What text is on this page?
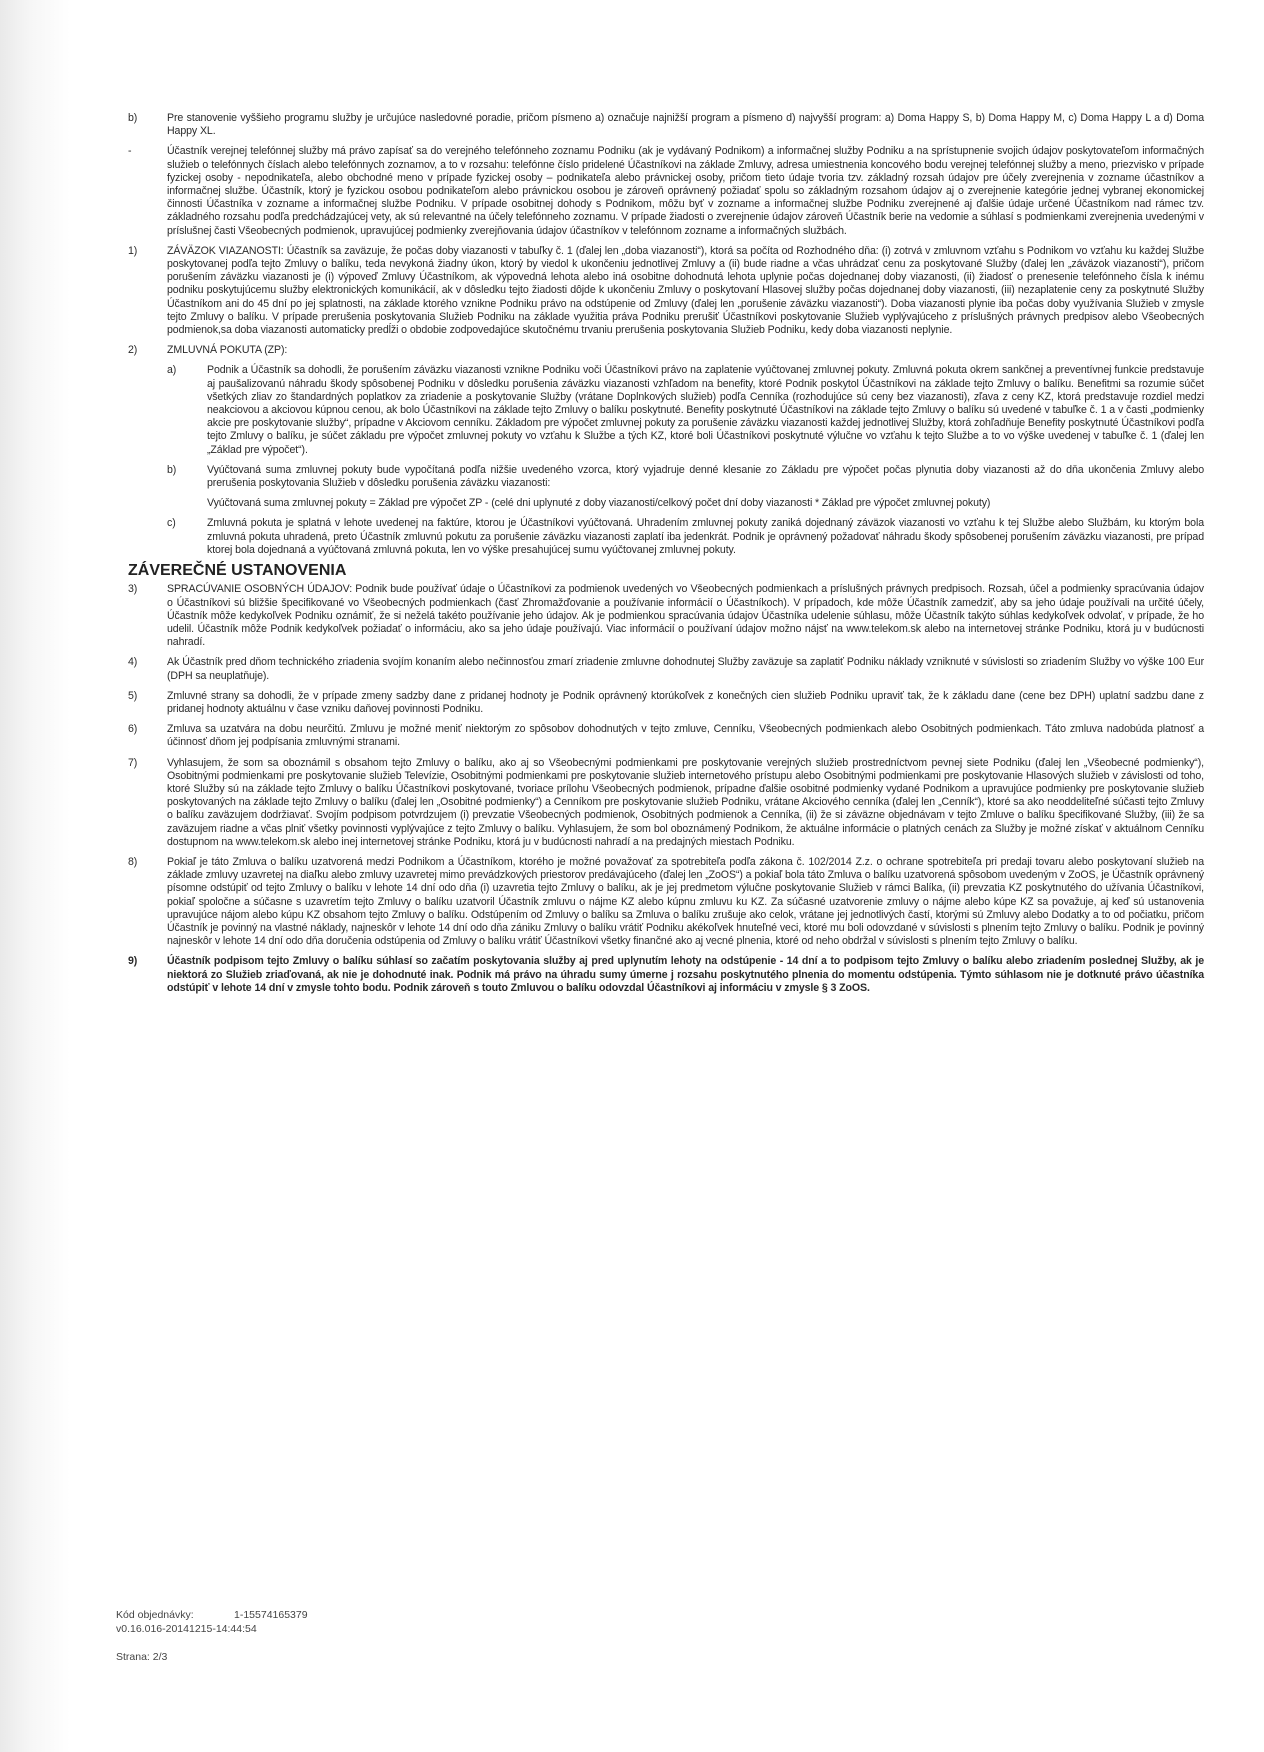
b)	Pre stanovenie vyššieho programu služby je určujúce nasledovné poradie, pričom písmeno a) označuje najnižší program a písmeno d) najvyšší program: a) Doma Happy S, b) Doma Happy M, c) Doma Happy L a d) Doma Happy XL.
-	Účastník verejnej telefónnej služby má právo zapísať sa do verejného telefónneho zoznamu Podniku (ak je vydávaný Podnikom) a informačnej služby Podniku a na sprístupnenie svojich údajov poskytovateľom informačných služieb o telefónnych číslach alebo telefónnych zoznamov, a to v rozsahu: telefónne číslo pridelené Účastníkovi na základe Zmluvy, adresa umiestnenia koncového bodu verejnej telefónnej služby a meno, priezvisko v prípade fyzickej osoby - nepodnikateľa, alebo obchodné meno v prípade fyzickej osoby – podnikateľa alebo právnickej osoby, pričom tieto údaje tvoria tzv. základný rozsah údajov pre účely zverejnenia v zozname účastníkov a informačnej službe. Účastník, ktorý je fyzickou osobou podnikateľom alebo právnickou osobou je zároveň oprávnený požiadať spolu so základným rozsahom údajov aj o zverejnenie kategórie jednej vybranej ekonomickej činnosti Účastníka v zozname a informačnej službe Podniku. V prípade osobitnej dohody s Podnikom, môžu byť v zozname a informačnej službe Podniku zverejnené aj ďalšie údaje určené Účastníkom nad rámec tzv. základného rozsahu podľa predchádzajúcej vety, ak sú relevantné na účely telefónneho zoznamu. V prípade žiadosti o zverejnenie údajov zároveň Účastník berie na vedomie a súhlasí s podmienkami zverejnenia uvedenými v príslušnej časti Všeobecných podmienok, upravujúcej podmienky zverejňovania údajov účastníkov v telefónnom zozname a informačných službách.
1)	ZÁVÄZOK VIAZANOSTI: Účastník sa zaväzuje, že počas doby viazanosti v tabuľky č. 1 (ďalej len „doba viazanosti“), ktorá sa počíta od Rozhodného dňa: (i) zotrvá v zmluvnom vzťahu s Podnikom vo vzťahu ku každej Službe poskytovanej podľa tejto Zmluvy o balíku, teda nevykoná žiadny úkon, ktorý by viedol k ukončeniu jednotlivej Zmluvy a (ii) bude riadne a včas uhrádzať cenu za poskytované Služby (ďalej len „záväzok viazanosti“), pričom porušením záväzku viazanosti je (i) výpoveď Zmluvy Účastníkom, ak výpovedná lehota alebo iná osobitne dohodnutá lehota uplynie počas dojednanej doby viazanosti, (ii) žiadosť o prenesenie telefónneho čísla k inému podniku poskytujúcemu služby elektronických komunikácií, ak v dôsledku tejto žiadosti dôjde k ukončeniu Zmluvy o poskytovaní Hlasovej služby počas dojednanej doby viazanosti, (iii) nezaplatenie ceny za poskytnuté Služby Účastníkom ani do 45 dní po jej splatnosti, na základe ktorého vznikne Podniku právo na odstúpenie od Zmluvy (ďalej len „porušenie záväzku viazanosti“). Doba viazanosti plynie iba počas doby využívania Služieb v zmysle tejto Zmluvy o balíku. V prípade prerušenia poskytovania Služieb Podniku na základe využitia práva Podniku prerušiť Účastníkovi poskytovanie Služieb vyplývajúceho z príslušných právnych predpisov alebo Všeobecných podmienok,sa doba viazanosti automaticky predĺži o obdobie zodpovedajúce skutočnému trvaniu prerušenia poskytovania Služieb Podniku, kedy doba viazanosti neplynie.
2)	ZMLUVNÁ POKUTA (ZP):
a)	Podnik a Účastník sa dohodli, že porušením záväzku viazanosti vznikne Podniku voči Účastníkovi právo na zaplatenie vyúčtovanej zmluvnej pokuty. Zmluvná pokuta okrem sankčnej a preventívnej funkcie predstavuje aj paušalizovanú náhradu škody spôsobenej Podniku v dôsledku porušenia záväzku viazanosti vzhľadom na benefity, ktoré Podnik poskytol Účastníkovi na základe tejto Zmluvy o balíku. Benefitmi sa rozumie súčet všetkých zliav zo štandardných poplatkov za zriadenie a poskytovanie Služby (vrátane Doplnkových služieb) podľa Cenníka (rozhodujúce sú ceny bez viazanosti), zľava z ceny KZ, ktorá predstavuje rozdiel medzi neakciovou a akciovou kúpnou cenou, ak bolo Účastníkovi na základe tejto Zmluvy o balíku poskytnuté. Benefity poskytnuté Účastníkovi na základe tejto Zmluvy o balíku sú uvedené v tabuľke č. 1 a v časti „podmienky akcie pre poskytovanie služby“, prípadne v Akciovom cenníku. Základom pre výpočet zmluvnej pokuty za porušenie záväzku viazanosti každej jednotlivej Služby, ktorá zohľadňuje Benefity poskytnuté Účastníkovi podľa tejto Zmluvy o balíku, je súčet základu pre výpočet zmluvnej pokuty vo vzťahu k Službe a tých KZ, ktoré boli Účastníkovi poskytnuté výlučne vo vzťahu k tejto Službe a to vo výške uvedenej v tabuľke č. 1 (ďalej len „Základ pre výpočet“).
b)	Vyúčtovaná suma zmluvnej pokuty bude vypočítaná podľa nižšie uvedeného vzorca, ktorý vyjadruje denné klesanie zo Základu pre výpočet počas plynutia doby viazanosti až do dňa ukončenia Zmluvy alebo prerušenia poskytovania Služieb v dôsledku porušenia záväzku viazanosti:
Vyúčtovaná suma zmluvnej pokuty = Základ pre výpočet ZP - (celé dni uplynuté z doby viazanosti/celkový počet dní doby viazanosti * Základ pre výpočet zmluvnej pokuty)
c)	Zmluvná pokuta je splatná v lehote uvedenej na faktúre, ktorou je Účastníkovi vyúčtovaná. Uhradením zmluvnej pokuty zaniká dojednaný záväzok viazanosti vo vzťahu k tej Službe alebo Službám, ku ktorým bola zmluvná pokuta uhradená, preto Účastník zmluvnú pokutu za porušenie záväzku viazanosti zaplatí iba jedenkrát. Podnik je oprávnený požadovať náhradu škody spôsobenej porušením záväzku viazanosti, pre prípad ktorej bola dojednaná a vyúčtovaná zmluvná pokuta, len vo výške presahujúcej sumu vyúčtovanej zmluvnej pokuty.
ZÁVEREČNÉ USTANOVENIA
3)	SPRACÚVANIE OSOBNÝCH ÚDAJOV: Podnik bude používať údaje o Účastníkovi za podmienok uvedených vo Všeobecných podmienkach a príslušných právnych predpisoch. Rozsah, účel a podmienky spracúvania údajov o Účastníkovi sú bližšie špecifikované vo Všeobecných podmienkach (časť Zhromažďovanie a používanie informácií o Účastníkoch). V prípadoch, kde môže Účastník zamedziť, aby sa jeho údaje používali na určité účely, Účastník môže kedykoľvek Podniku oznámiť, že si neželá takéto používanie jeho údajov. Ak je podmienkou spracúvania údajov Účastníka udelenie súhlasu, môže Účastník takýto súhlas kedykoľvek odvolať, v prípade, že ho udelil. Účastník môže Podnik kedykoľvek požiadať o informáciu, ako sa jeho údaje používajú. Viac informácií o používaní údajov možno nájsť na www.telekom.sk alebo na internetovej stránke Podniku, ktorá ju v budúcnosti nahradí.
4)	Ak Účastník pred dňom technického zriadenia svojím konaním alebo nečinnosťou zmarí zriadenie zmluvne dohodnutej Služby zaväzuje sa zaplatiť Podniku náklady vzniknuté v súvislosti so zriadením Služby vo výške 100 Eur (DPH sa neuplatňuje).
5)	Zmluvné strany sa dohodli, že v prípade zmeny sadzby dane z pridanej hodnoty je Podnik oprávnený ktorúkoľvek z konečných cien služieb Podniku upraviť tak, že k základu dane (cene bez DPH) uplatní sadzbu dane z pridanej hodnoty aktuálnu v čase vzniku daňovej povinnosti Podniku.
6)	Zmluva sa uzatvára na dobu neurčitú. Zmluvu je možné meniť niektorým zo spôsobov dohodnutých v tejto zmluve, Cenníku, Všeobecných podmienkach alebo Osobitných podmienkach. Táto zmluva nadobúda platnosť a účinnosť dňom jej podpísania zmluvnými stranami.
7)	Vyhlasujem, že som sa oboznámil s obsahom tejto Zmluvy o balíku, ako aj so Všeobecnými podmienkami pre poskytovanie verejných služieb prostredníctvom pevnej siete Podniku (ďalej len „Všeobecné podmienky“), Osobitnými podmienkami pre poskytovanie služieb Televízie, Osobitnými podmienkami pre poskytovanie služieb internetového prístupu alebo Osobitnými podmienkami pre poskytovanie Hlasových služieb v závislosti od toho, ktoré Služby sú na základe tejto Zmluvy o balíku Účastníkovi poskytované, tvoriace prílohu Všeobecných podmienok, prípadne ďalšie osobitné podmienky vydané Podnikom a upravujúce podmienky pre poskytovanie služieb poskytovaných na základe tejto Zmluvy o balíku (ďalej len „Osobitné podmienky“) a Cenníkom pre poskytovanie služieb Podniku, vrátane Akciového cenníka (ďalej len „Cenník“), ktoré sa ako neoddeliteľné súčasti tejto Zmluvy o balíku zaväzujem dodržiavať. Svojím podpisom potvrdzujem (i) prevzatie Všeobecných podmienok, Osobitných podmienok a Cenníka, (ii) že si záväzne objednávam v tejto Zmluve o balíku špecifikované Služby, (iii) že sa zaväzujem riadne a včas plniť všetky povinnosti vyplývajúce z tejto Zmluvy o balíku. Vyhlasujem, že som bol oboznámený Podnikom, že aktuálne informácie o platných cenách za Služby je možné získať v aktuálnom Cenníku dostupnom na www.telekom.sk alebo inej internetovej stránke Podniku, ktorá ju v budúcnosti nahradí a na predajných miestach Podniku.
8)	Pokiaľ je táto Zmluva o balíku uzatvorená medzi Podnikom a Účastníkom, ktorého je možné považovať za spotrebiteľa podľa zákona č. 102/2014 Z.z. o ochrane spotrebiteľa pri predaji tovaru alebo poskytovaní služieb na základe zmluvy uzavretej na diaľku alebo zmluvy uzavretej mimo prevádzkových priestorov predávajúceho (ďalej len „ZoOS“) a pokiaľ bola táto Zmluva o balíku uzatvorená spôsobom uvedeným v ZoOS, je Účastník oprávnený písomne odstúpiť od tejto Zmluvy o balíku v lehote 14 dní odo dňa (i) uzavretia tejto Zmluvy o balíku, ak je jej predmetom výlučne poskytovanie Služieb v rámci Balíka, (ii) prevzatia KZ poskytnutého do užívania Účastníkovi, pokiaľ spoločne a súčasne s uzavretím tejto Zmluvy o balíku uzatvoril Účastník zmluvu o nájme KZ alebo kúpnu zmluvu ku KZ. Za súčasné uzatvorenie zmluvy o nájme alebo kúpe KZ sa považuje, aj keď sú ustanovenia upravujúce nájom alebo kúpu KZ obsahom tejto Zmluvy o balíku. Odstúpením od Zmluvy o balíku sa Zmluva o balíku zrušuje ako celok, vrátane jej jednotlivých častí, ktorými sú Zmluvy alebo Dodatky a to od počiatku, pričom Účastník je povinný na vlastné náklady, najneskôr v lehote 14 dní odo dňa zániku Zmluvy o balíku vrátiť Podniku akékoľvek hnuteľné veci, ktoré mu boli odovzdané v súvislosti s plnením tejto Zmluvy o balíku. Podnik je povinný najneskôr v lehote 14 dní odo dňa doručenia odstúpenia od Zmluvy o balíku vrátiť Účastníkovi všetky finančné ako aj vecné plnenia, ktoré od neho obdržal v súvislosti s plnením tejto Zmluvy o balíku.
9)	Účastník podpisom tejto Zmluvy o balíku súhlasí so začatím poskytovania služby aj pred uplynutím lehoty na odstúpenie - 14 dní a to podpisom tejto Zmluvy o balíku alebo zriadením poslednej Služby, ak je niektorá zo Služieb zriaďovaná, ak nie je dohodnuté inak. Podnik má právo na úhradu sumy úmerne j rozsahu poskytnutého plnenia do momentu odstúpenia. Týmto súhlasom nie je dotknuté právo účastníka odstúpiť v lehote 14 dní v zmysle tohto bodu. Podnik zároveň s touto Zmluvou o balíku odovzdal Účastníkovi aj informáciu v zmysle § 3 ZoOS.
Kód objednávky:	1-15574165379
v0.16.016-20141215-14:44:54
Strana: 2/3
